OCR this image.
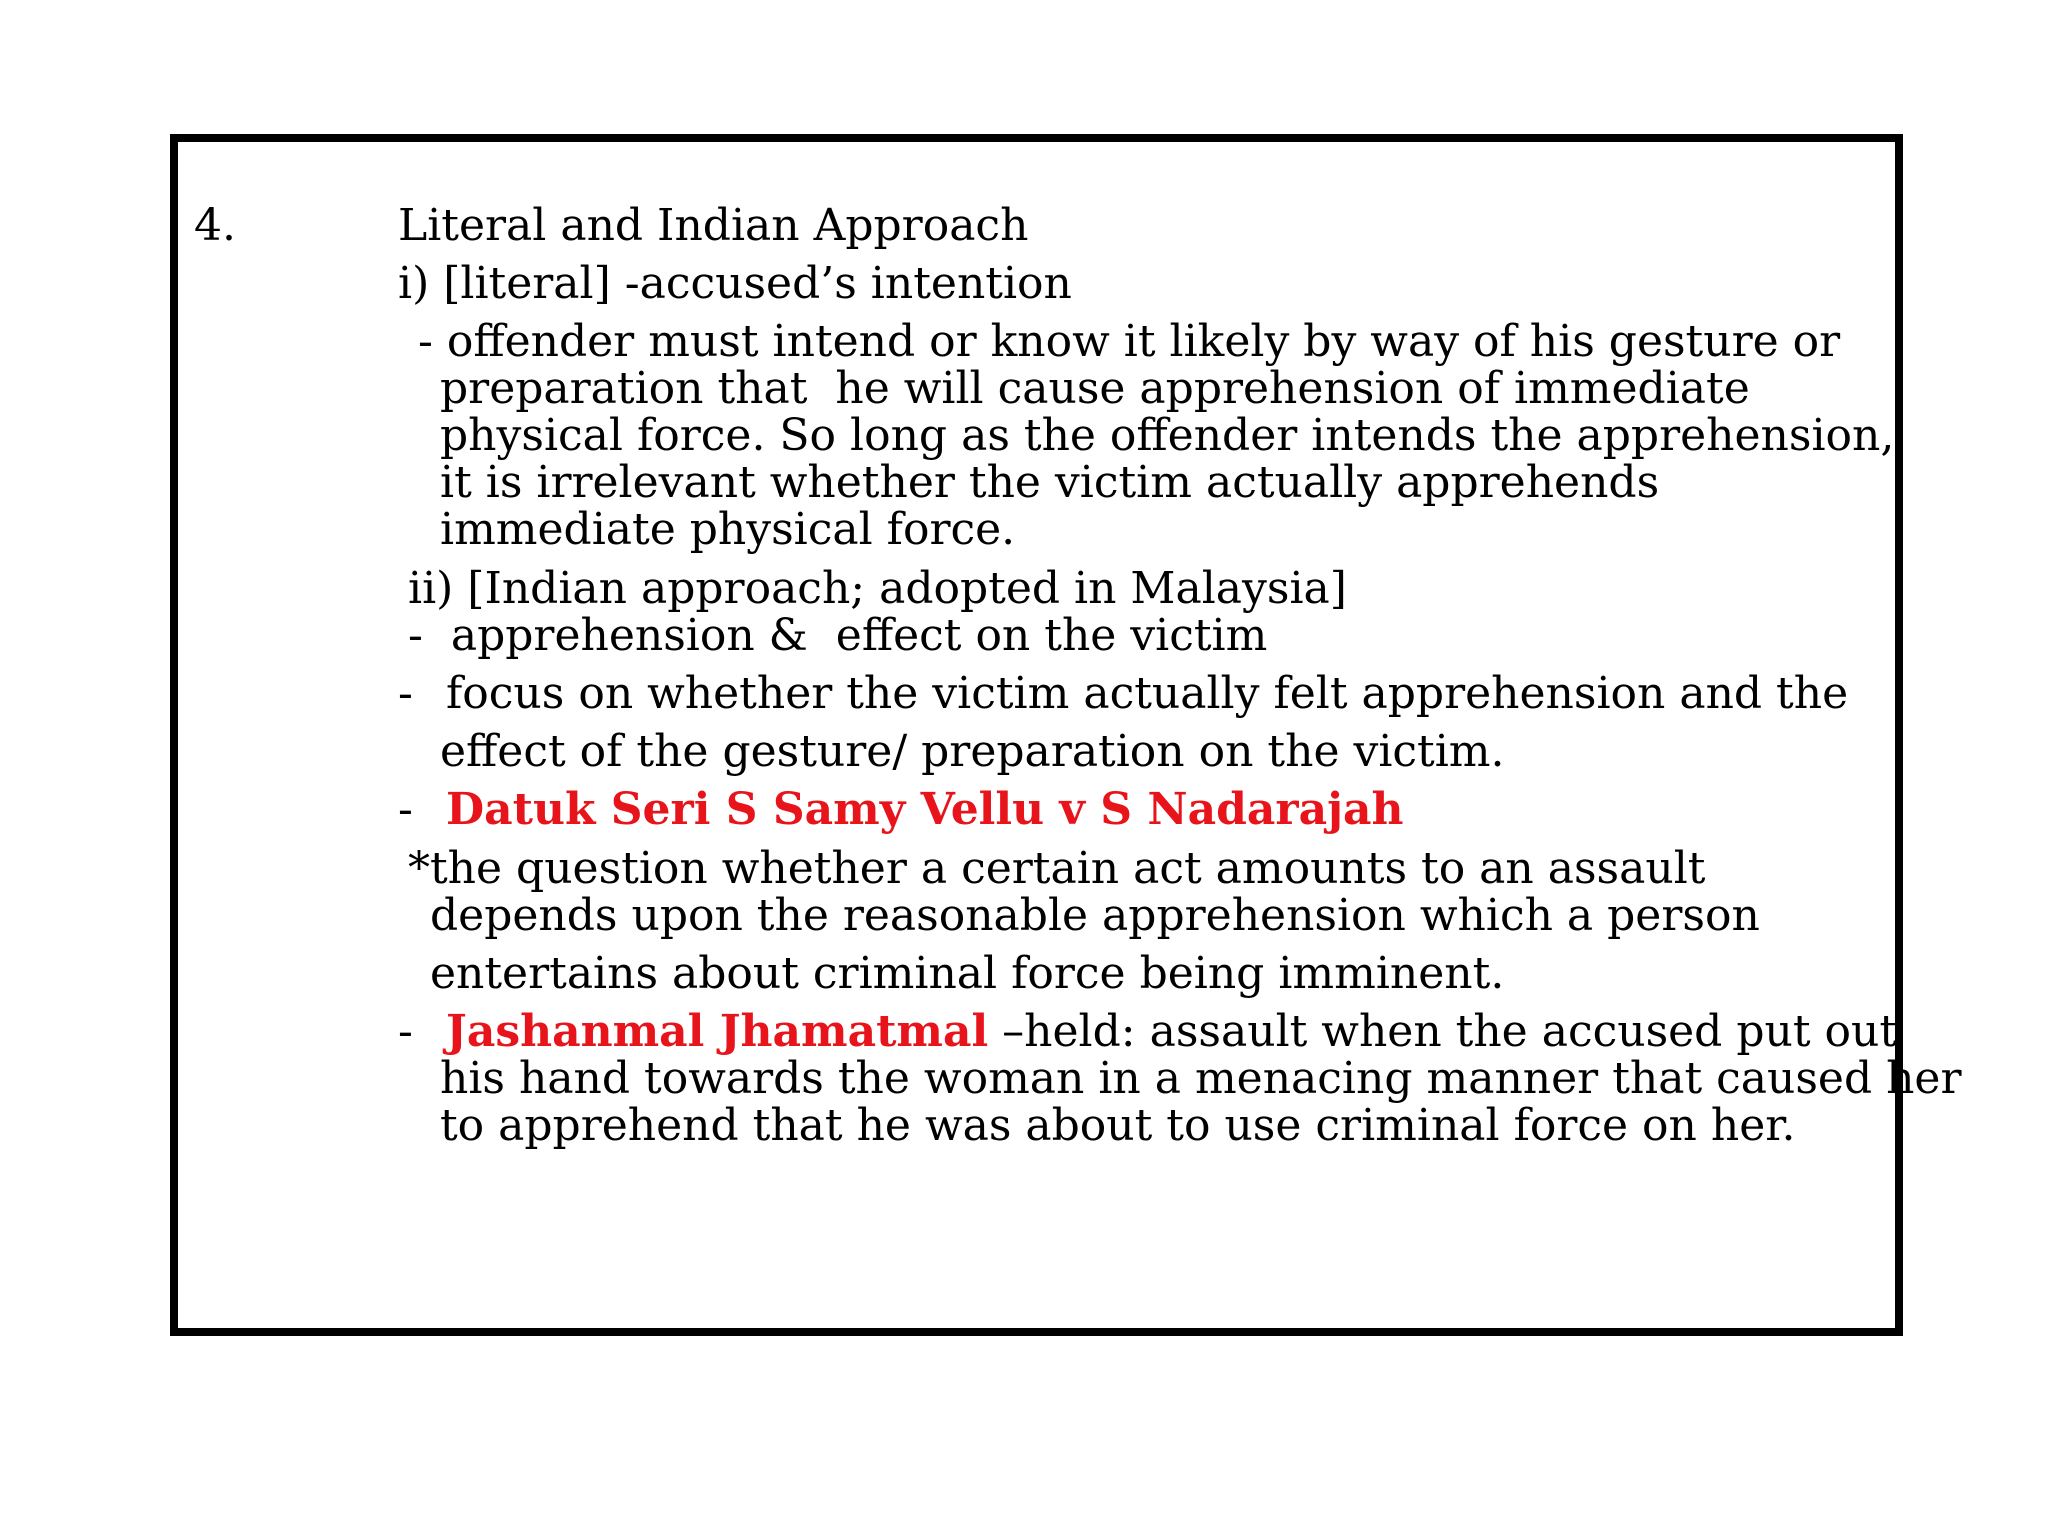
4.	Literal and Indian Approach

i) [literal] -accused’s intention

- offender must intend or know it likely by way of his gesture or

preparation that  he will cause apprehension of immediate

physical force. So long as the offender intends the apprehension,

it is irrelevant whether the victim actually apprehends

immediate physical force.

ii) [Indian approach; adopted in Malaysia]

-  apprehension &  effect on the victim

- focus on whether the victim actually felt apprehension and the

effect of the gesture/ preparation on the victim.

- Datuk Seri S Samy Vellu v S Nadarajah

*the question whether a certain act amounts to an assault

depends upon the reasonable apprehension which a person

entertains about criminal force being imminent.

- Jashanmal Jhamatmal –held: assault when the accused put out

his hand towards the woman in a menacing manner that caused her

to apprehend that he was about to use criminal force on her.
